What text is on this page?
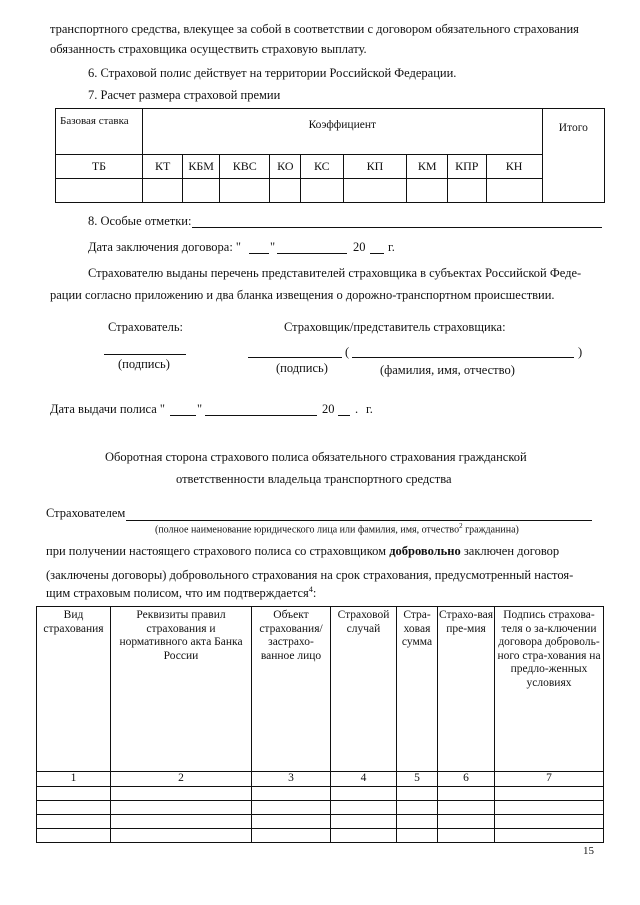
транспортного средства, влекущее за собой в соответствии с договором обязательного страхования
обязанность страховщика осуществить страховую выплату.
6. Страховой полис действует на территории Российской Федерации.
7. Расчет размера страховой премии
Базовая ставка	Коэффициент									Итого
ТБ	КТ	КБМ	КВС	КО	КС	КП	КМ	КПР	КН	

8. Особые отметки:
Дата заключения договора: " "	20 г.
Страхователю выданы перечень представителей страховщика в субъектах Российской Феде-
рации согласно приложению и два бланка извещения о дорожно-транспортном происшествии.
Страхователь:	Страховщик/представитель страховщика:
(подпись)
(	)
(подпись)	(фамилия, имя, отчество)
Дата выдачи полиса "	"	20 . г.
Оборотная сторона страхового полиса обязательного страхования гражданской
ответственности владельца транспортного средства
Страхователем
(полное наименование юридического лица или фамилия, имя, отчество$^2$ гражданина)
при получении настоящего страхового полиса со страховщиком добровольно заключен договор
(заключены договоры) добровольного страхования на срок страхования, предусмотренный настоя-
щим страховым полисом, что им подтверждается$^4$:
Вид страхования	Реквизиты правил страхования и нормативного акта Банка России	Объект страхования/ застрахо-ванное лицо	Страховой случай	Стра-ховая сумма	Страхо-вая пре-мия	Подпись страхова-теля о за-ключении договора доброволь-ного стра-хования на предло-женных условиях
1	2	3	4	5	6	7

15
